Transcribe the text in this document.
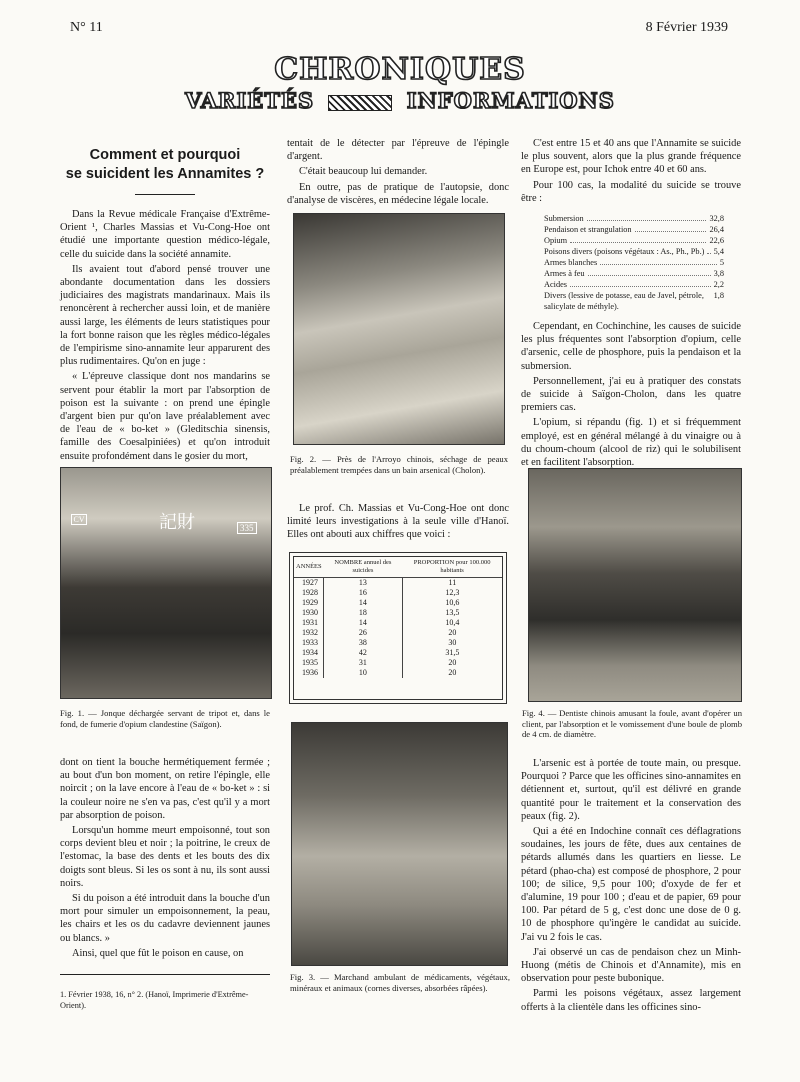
N° 11	8 Février 1939
CHRONIQUES
VARIÉTÉS	INFORMATIONS
Comment et pourquoi
se suicident les Annamites ?

Dans la Revue médicale Française d'Extrême-Orient ¹, Charles Massias et Vu-Cong-Hoe ont étudié une importante question médico-légale, celle du suicide dans la société annamite.

Ils avaient tout d'abord pensé trouver une abondante documentation dans les dossiers judiciaires des magistrats mandarinaux. Mais ils renoncèrent à rechercher aussi loin, et de manière aussi large, les éléments de leurs statistiques pour la fort bonne raison que les règles médico-légales de l'empirisme sino-annamite leur apparurent des plus rudimentaires. Qu'on en juge :

« L'épreuve classique dont nos mandarins se servent pour établir la mort par l'absorption de poison est la suivante : on prend une épingle d'argent bien pur qu'on lave préalablement avec de l'eau de « bo-ket » (Gleditschia sinensis, famille des Coesalpiniées) et qu'on introduit ensuite profondément dans le gosier du mort,

CV	記財	335
Fig. 1. — Jonque déchargée servant de tripot et, dans le fond, de fumerie d'opium clandestine (Saïgon).

dont on tient la bouche hermétiquement fermée ; au bout d'un bon moment, on retire l'épingle, elle noircit ; on la lave encore à l'eau de « bo-ket » : si la couleur noire ne s'en va pas, c'est qu'il y a mort par absorption de poison.

Lorsqu'un homme meurt empoisonné, tout son corps devient bleu et noir ; la poitrine, le creux de l'estomac, la base des dents et les bouts des dix doigts sont bleus. Si les os sont à nu, ils sont aussi noirs.

Si du poison a été introduit dans la bouche d'un mort pour simuler un empoisonnement, la peau, les chairs et les os du cadavre deviennent jaunes ou blancs. »

Ainsi, quel que fût le poison en cause, on

1. Février 1938, 16, n° 2. (Hanoï, Imprimerie d'Extrême-Orient).

tentait de le détecter par l'épreuve de l'épingle d'argent.

C'était beaucoup lui demander.

En outre, pas de pratique de l'autopsie, donc d'analyse de viscères, en médecine légale locale.

Fig. 2. — Près de l'Arroyo chinois, séchage de peaux préalablement trempées dans un bain arsenical (Cholon).

Le prof. Ch. Massias et Vu-Cong-Hoe ont donc limité leurs investigations à la seule ville d'Hanoï. Elles ont abouti aux chiffres que voici :

ANNÉES	NOMBRE annuel des suicides	PROPORTION pour 100.000 habitants
1927	13	11
1928	16	12,3
1929	14	10,6
1930	18	13,5
1931	14	10,4
1932	26	20
1933	38	30
1934	42	31,5
1935	31	20
1936	10	20
Fig. 3. — Marchand ambulant de médicaments, végétaux, minéraux et animaux (cornes diverses, absorbées râpées).

C'est entre 15 et 40 ans que l'Annamite se suicide le plus souvent, alors que la plus grande fréquence en Europe est, pour Ichok entre 40 et 60 ans.

Pour 100 cas, la modalité du suicide se trouve être :

Submersion	32,8
Pendaison et strangulation	26,4
Opium	22,6
Poisons divers (poisons végétaux : As., Ph., Pb.) 5,4
Armes blanches	5
Armes à feu	3,8
Acides	2,2
Divers (lessive de potasse, eau de Javel, pétrole, salicylate de méthyle).
1,8

Cependant, en Cochinchine, les causes de suicide les plus fréquentes sont l'absorption d'opium, celle d'arsenic, celle de phosphore, puis la pendaison et la submersion.

Personnellement, j'ai eu à pratiquer des constats de suicide à Saïgon-Cholon, dans les quatre premiers cas.

L'opium, si répandu (fig. 1) et si fréquemment employé, est en général mélangé à du vinaigre ou à du choum-choum (alcool de riz) qui le solubilisent et en facilitent l'absorption.

Fig. 4. — Dentiste chinois amusant la foule, avant d'opérer un client, par l'absorption et le vomissement d'une boule de plomb de 4 cm. de diamètre.

L'arsenic est à portée de toute main, ou presque. Pourquoi ? Parce que les officines sino-annamites en détiennent et, surtout, qu'il est délivré en grande quantité pour le traitement et la conservation des peaux (fig. 2).

Qui a été en Indochine connaît ces déflagrations soudaines, les jours de fête, dues aux centaines de pétards allumés dans les quartiers en liesse. Le pétard (phao-cha) est composé de phosphore, 2 pour 100; de silice, 9,5 pour 100; d'oxyde de fer et d'alumine, 19 pour 100 ; d'eau et de papier, 69 pour 100. Par pétard de 5 g, c'est donc une dose de 0 g. 10 de phosphore qu'ingère le candidat au suicide. J'ai vu 2 fois le cas.

J'ai observé un cas de pendaison chez un Minh-Huong (métis de Chinois et d'Annamite), mis en observation pour peste bubonique.

Parmi les poisons végétaux, assez largement offerts à la clientèle dans les officines sino-
